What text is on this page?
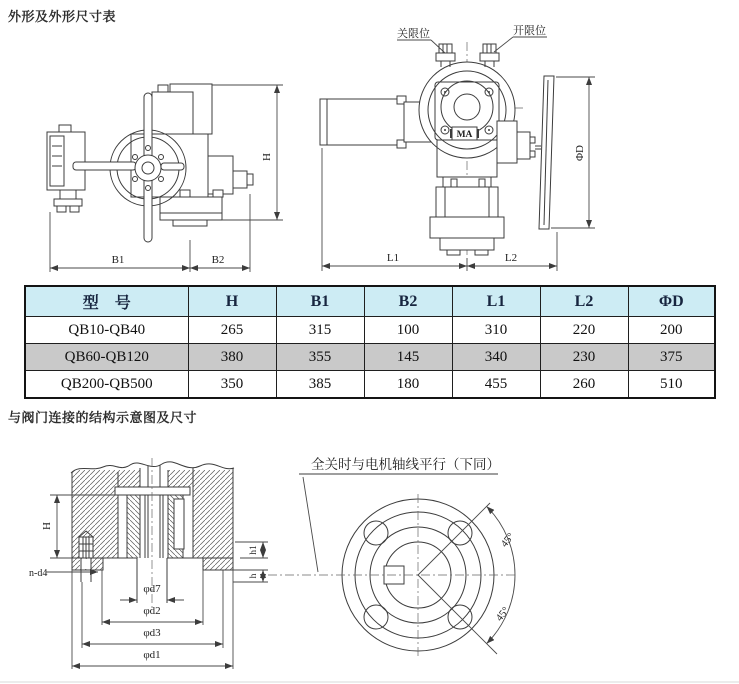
外形及外形尺寸表
H
B1	B2
MA
关限位	开限位
ΦD
L1	L2
型　号	H	B1	B2	L1	L2	ΦD
QB10-QB40	265	315	100	310	220	200
QB60-QB120	380	355	145	340	230	375
QB200-QB500	350	385	180	455	260	510
与阀门连接的结构示意图及尺寸
H
n-d4
h1
h
φd7
φd2
φd3
φd1
全关时与电机轴线平行（下同）
45°
45°
